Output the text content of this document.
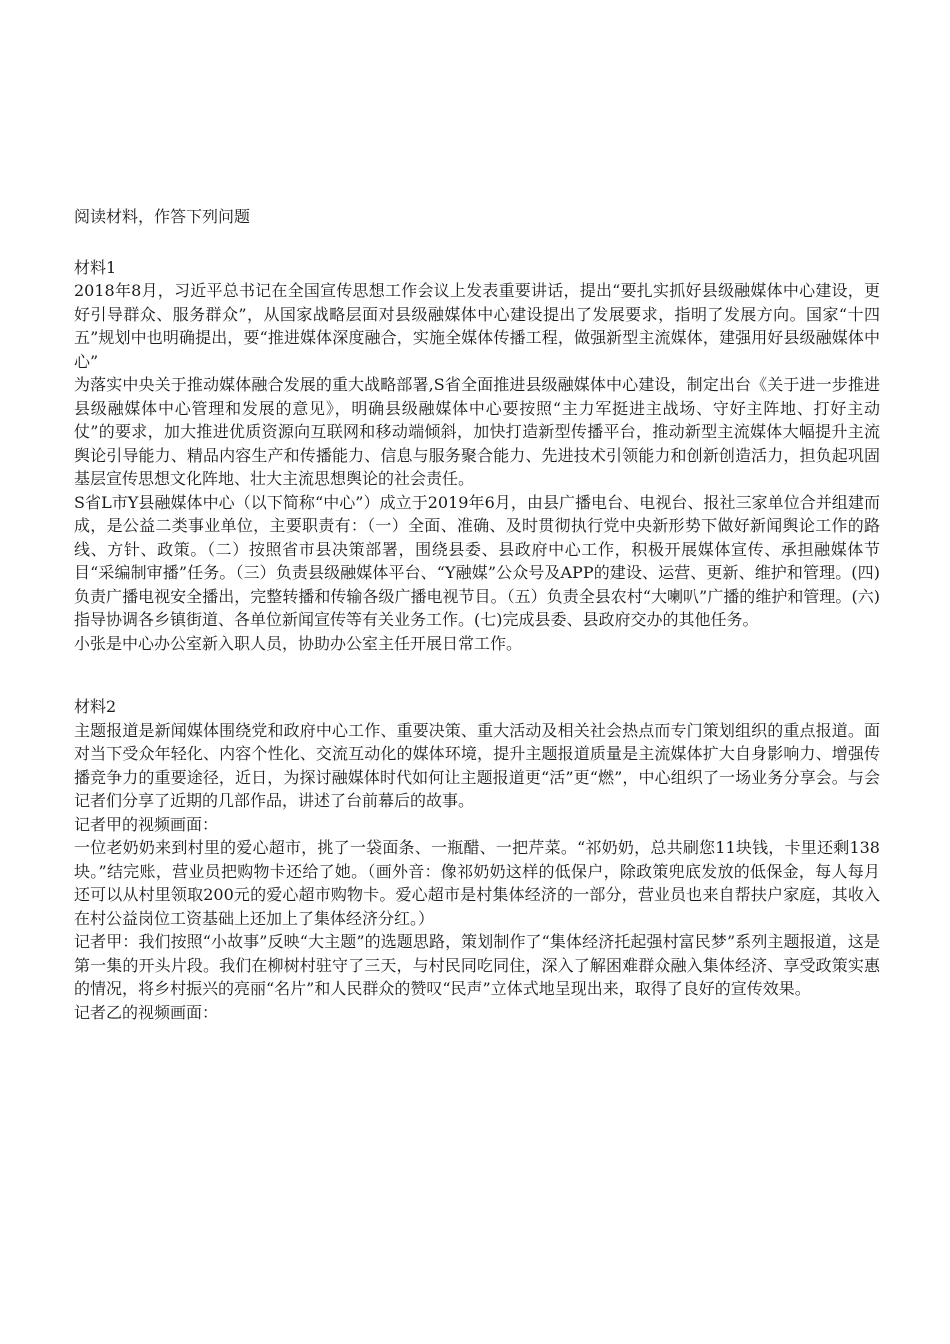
阅读材料，作答下列问题

材料1

2018年8月，习近平总书记在全国宣传思想工作会议上发表重要讲话，提出“要扎实抓好县级融媒体中心建设，更好引导群众、服务群众”，从国家战略层面对县级融媒体中心建设提出了发展要求，指明了发展方向。国家“十四五”规划中也明确提出，要“推进媒体深度融合，实施全媒体传播工程，做强新型主流媒体，建强用好县级融媒体中心”

为落实中央关于推动媒体融合发展的重大战略部署,S省全面推进县级融媒体中心建设，制定出台《关于进一步推进县级融媒体中心管理和发展的意见》，明确县级融媒体中心要按照“主力军挺进主战场、守好主阵地、打好主动仗”的要求，加大推进优质资源向互联网和移动端倾斜，加快打造新型传播平台，推动新型主流媒体大幅提升主流舆论引导能力、精品内容生产和传播能力、信息与服务聚合能力、先进技术引领能力和创新创造活力，担负起巩固基层宣传思想文化阵地、壮大主流思想舆论的社会责任。

S省L市Y县融媒体中心（以下简称“中心”）成立于2019年6月，由县广播电台、电视台、报社三家单位合并组建而成，是公益二类事业单位，主要职责有：（一）全面、准确、及时贯彻执行党中央新形势下做好新闻舆论工作的路线、方针、政策。（二）按照省市县决策部署，围绕县委、县政府中心工作，积极开展媒体宣传、承担融媒体节目“采编制审播”任务。（三）负责县级融媒体平台、“Y融媒”公众号及APP的建设、运营、更新、维护和管理。(四)负责广播电视安全播出，完整转播和传输各级广播电视节目。（五）负责全县农村“大喇叭”广播的维护和管理。(六)指导协调各乡镇街道、各单位新闻宣传等有关业务工作。(七)完成县委、县政府交办的其他任务。

小张是中心办公室新入职人员，协助办公室主任开展日常工作。

材料2

主题报道是新闻媒体围绕党和政府中心工作、重要决策、重大活动及相关社会热点而专门策划组织的重点报道。面对当下受众年轻化、内容个性化、交流互动化的媒体环境，提升主题报道质量是主流媒体扩大自身影响力、增强传播竞争力的重要途径，近日，为探讨融媒体时代如何让主题报道更“活”更“燃”，中心组织了一场业务分享会。与会记者们分享了近期的几部作品，讲述了台前幕后的故事。

记者甲的视频画面：

一位老奶奶来到村里的爱心超市，挑了一袋面条、一瓶醋、一把芹菜。“祁奶奶，总共刷您11块钱，卡里还剩138块。”结完账，营业员把购物卡还给了她。（画外音：像祁奶奶这样的低保户，除政策兜底发放的低保金，每人每月还可以从村里领取200元的爱心超市购物卡。爱心超市是村集体经济的一部分，营业员也来自帮扶户家庭，其收入在村公益岗位工资基础上还加上了集体经济分红。）

记者甲：我们按照“小故事”反映“大主题”的选题思路，策划制作了“集体经济托起强村富民梦”系列主题报道，这是第一集的开头片段。我们在柳树村驻守了三天，与村民同吃同住，深入了解困难群众融入集体经济、享受政策实惠的情况，将乡村振兴的亮丽“名片”和人民群众的赞叹“民声”立体式地呈现出来，取得了良好的宣传效果。

记者乙的视频画面：
